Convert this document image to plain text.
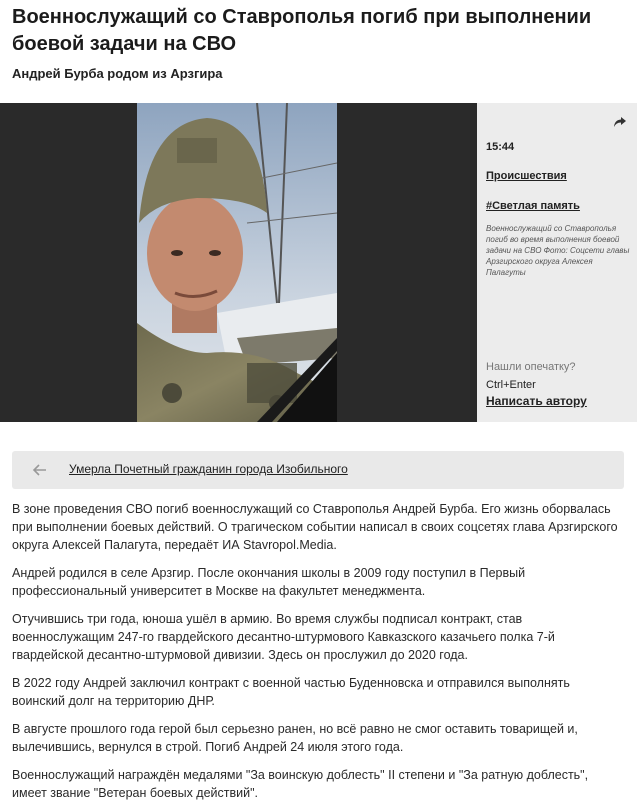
Военнослужащий со Ставрополья погиб при выполнении боевой задачи на СВО
Андрей Бурба родом из Арзгира
15:44
Происшествия
#Светлая память
Военнослужащий со Ставрополья погиб во время выполнения боевой задачи на СВО Фото: Соцсети главы Арзгирского округа Алексея Палагуты
Нашли опечатку?
Ctrl+Enter
Написать автору
Умерла Почетный гражданин города Изобильного

В зоне проведения СВО погиб военнослужащий со Ставрополья Андрей Бурба. Его жизнь оборвалась при выполнении боевых действий. О трагическом событии написал в своих соцсетях глава Арзгирского округа Алексей Палагута, передаёт ИА Stavropol.Media.

Андрей родился в селе Арзгир. После окончания школы в 2009 году поступил в Первый профессиональный университет в Москве на факультет менеджмента.

Отучившись три года, юноша ушёл в армию. Во время службы подписал контракт, став военнослужащим 247-го гвардейского десантно-штурмового Кавказского казачьего полка 7-й гвардейской десантно-штурмовой дивизии. Здесь он прослужил до 2020 года.

В 2022 году Андрей заключил контракт с военной частью Буденновска и отправился выполнять воинский долг на территорию ДНР.

В августе прошлого года герой был серьезно ранен, но всё равно не смог оставить товарищей и, вылечившись, вернулся в строй. Погиб Андрей 24 июля этого года.

Военнослужащий награждён медалями "За воинскую доблесть" II степени и "За ратную доблесть", имеет звание "Ветеран боевых действий".
